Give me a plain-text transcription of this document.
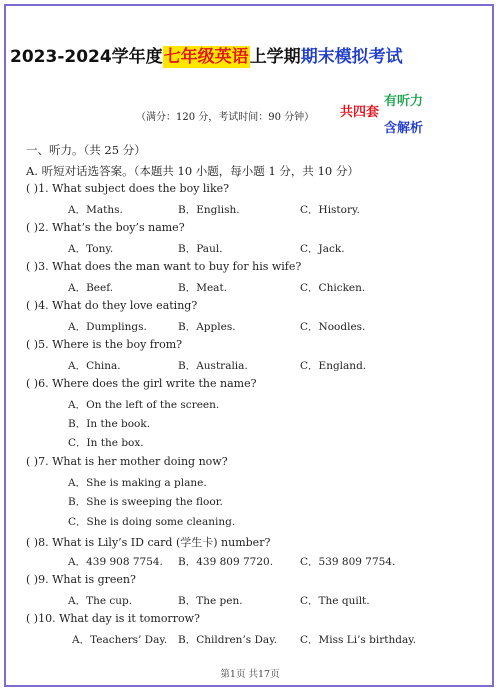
2023-2024学年度七年级英语上学期期末模拟考试
共四套
有听力
含解析
（满分：120 分，考试时间：90 分钟）
一、听力。（共 25 分）
A. 听短对话选答案。（本题共 10 小题，每小题 1 分，共 10 分）
( )1. What subject does the boy like?
A．Maths.	B．English.	C．History.
( )2. What’s the boy’s name?
A．Tony.	B．Paul.	C．Jack.
( )3. What does the man want to buy for his wife?
A．Beef.	B．Meat.	C．Chicken.
( )4. What do they love eating?
A．Dumplings.	B．Apples.	C．Noodles.
( )5. Where is the boy from?
A．China.	B．Australia.	C．England.
( )6. Where does the girl write the name?
A．On the left of the screen.
B．In the book.
C．In the box.
( )7. What is her mother doing now?
A．She is making a plane.
B．She is sweeping the floor.
C．She is doing some cleaning.
( )8. What is Lily’s ID card (学生卡) number?
A．439 908 7754. B．439 809 7720.	C．539 809 7754.
( )9. What is green?
A．The cup.	B．The pen.	C．The quilt.
( )10. What day is it tomorrow?
A．Teachers’ Day. B．Children’s Day. C．Miss Li’s birthday.
第1页 共17页
